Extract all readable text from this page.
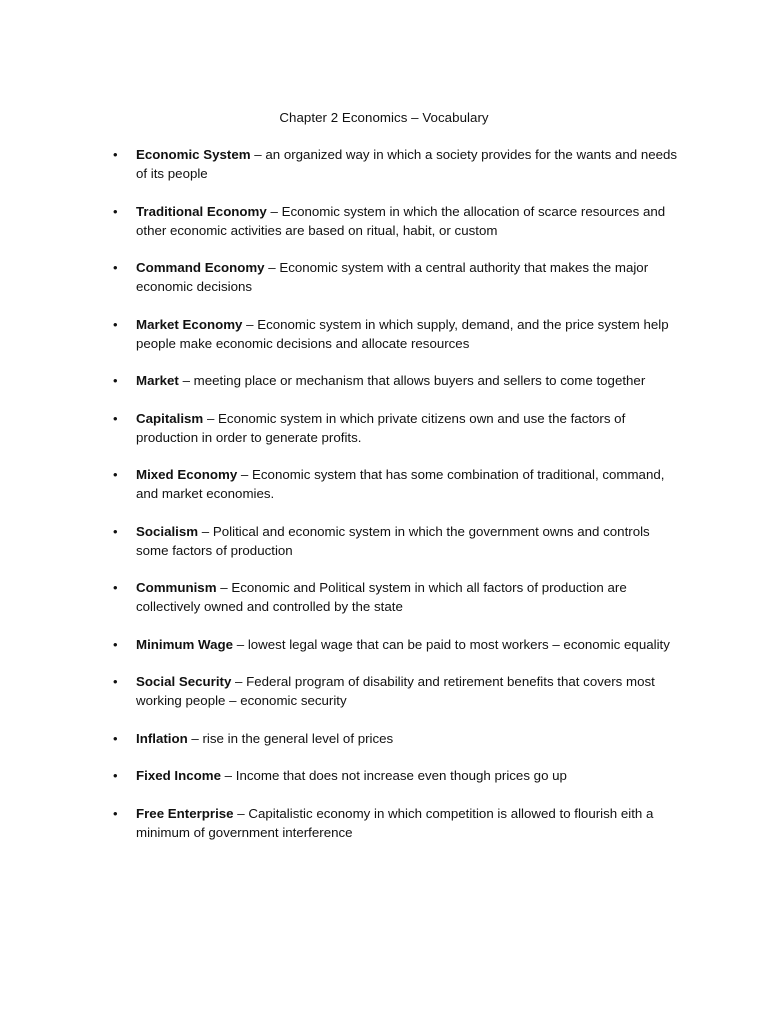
Chapter 2 Economics – Vocabulary
• Economic System – an organized way in which a society provides for the wants and needs of its people
• Traditional Economy – Economic system in which the allocation of scarce resources and other economic activities are based on ritual, habit, or custom
• Command Economy – Economic system with a central authority that makes the major economic decisions
• Market Economy – Economic system in which supply, demand, and the price system help people make economic decisions and allocate resources
• Market – meeting place or mechanism that allows buyers and sellers to come together
• Capitalism – Economic system in which private citizens own and use the factors of production in order to generate profits.
• Mixed Economy – Economic system that has some combination of traditional, command, and market economies.
• Socialism – Political and economic system in which the government owns and controls some factors of production
• Communism – Economic and Political system in which all factors of production are collectively owned and controlled by the state
• Minimum Wage – lowest legal wage that can be paid to most workers – economic equality
• Social Security – Federal program of disability and retirement benefits that covers most working people – economic security
• Inflation – rise in the general level of prices
• Fixed Income – Income that does not increase even though prices go up
• Free Enterprise – Capitalistic economy in which competition is allowed to flourish eith a minimum of government interference
